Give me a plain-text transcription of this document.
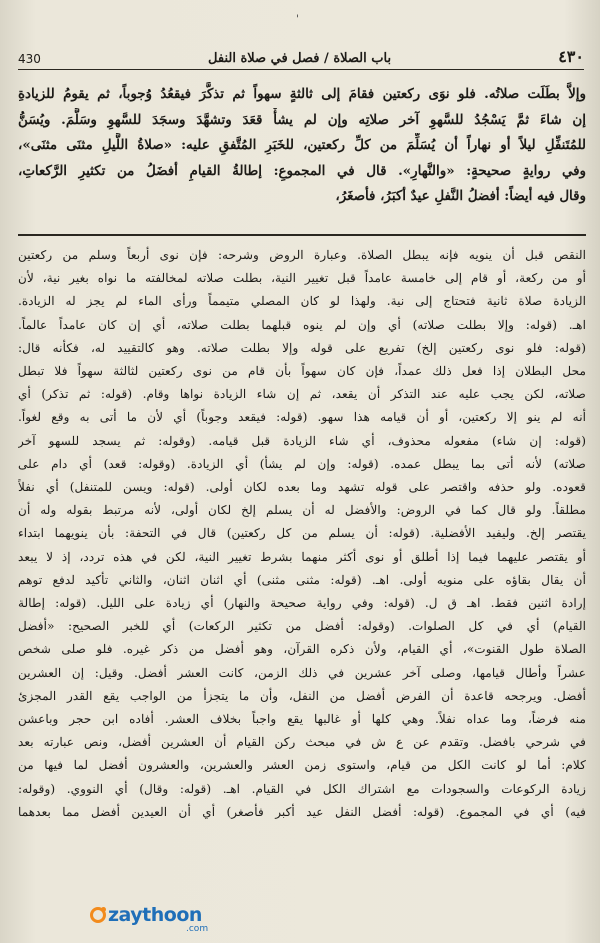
'
430	باب الصلاة / فصل في صلاة النفل	٤٣٠
وإلاَّ بطَلَت صلاتُه. فلو نوَى ركعتين فقامَ إلى ثالثةٍ سهواً ثم تذكَّرَ فيقعُدُ وُجوباً، ثم يقومُ للزيادةِ
إن شاءَ ثمَّ يَسْجُدُ للسَّهوِ آخر صلاتِه وإن لم يشأْ قعَدَ وتشهَّدَ وسجَدَ للسَّهوِ وسَلَّمَ. ويُسَنُّ
للمُتَنفِّلِ ليلاً أو نهاراً أن يُسَلِّمَ من كلِّ ركعتين، للخَبَرِ المُتَّفقِ عليه: «صلاةُ اللَّيلِ مثنَى مثنَى»،
وفي روايةٍ صحيحةٍ: «والنَّهارِ». قال في المجموعِ: إطالةُ القيامِ أفضَلُ من تكثيرِ الرَّكعاتِ،
وقال فيه أيضاً: أفضلُ النَّفلِ عيدٌ أكبَرُ، فأصغَرُ،
النقص قبل أن ينويه فإنه يبطل الصلاة. وعبارة الروض وشرحه: فإن نوى أربعاً وسلم من ركعتين
أو من ركعة، أو قام إلى خامسة عامداً قبل تغيير النية، بطلت صلاته لمخالفته ما نواه بغير نية، لأن
الزيادة صلاة ثانية فتحتاج إلى نية. ولهذا لو كان المصلي متيمماً ورأى الماء لم يجز له الزيادة.
اهـ. (قوله: وإلا بطلت صلاته) أي وإن لم ينوه قبلهما بطلت صلاته، أي إن كان عامداً عالماً.
(قوله: فلو نوى ركعتين إلخ) تفريع على قوله وإلا بطلت صلاته. وهو كالتقييد له، فكأنه قال:
محل البطلان إذا فعل ذلك عمداً، فإن كان سهواً بأن قام من نوى ركعتين لثالثة سهواً فلا تبطل
صلاته، لكن يجب عليه عند التذكر أن يقعد، ثم إن شاء الزيادة نواها وقام. (قوله: ثم تذكر) أي
أنه لم ينو إلا ركعتين، أو أن قيامه هذا سهو. (قوله: فيقعد وجوباً) أي لأن ما أتى به وقع لغواً.
(قوله: إن شاء) مفعوله محذوف، أي شاء الزيادة قبل قيامه. (وقوله: ثم يسجد للسهو آخر
صلاته) لأنه أتى بما يبطل عمده. (قوله: وإن لم يشأ) أي الزيادة. (وقوله: قعد) أي دام على
قعوده. ولو حذفه واقتصر على قوله تشهد وما بعده لكان أولى. (قوله: ويسن للمتنفل) أي نفلاً
مطلقاً. ولو قال كما في الروض: والأفضل له أن يسلم إلخ لكان أولى، لأنه مرتبط بقوله وله أن
يقتصر إلخ. وليفيد الأفضلية. (قوله: أن يسلم من كل ركعتين) قال في التحفة: بأن ينويهما ابتداء
أو يقتصر عليهما فيما إذا أطلق أو نوى أكثر منهما بشرط تغيير النية، لكن في هذه تردد، إذ لا يبعد
أن يقال بقاؤه على منويه أولى. اهـ. (قوله: مثنى مثنى) أي اثنان اثنان، والثاني تأكيد لدفع توهم
إرادة اثنين فقط. اهـ ق ل. (قوله: وفي رواية صحيحة والنهار) أي زيادة على الليل. (قوله: إطالة
القيام) أي في كل الصلوات. (وقوله: أفضل من تكثير الركعات) أي للخبر الصحيح: «أفضل
الصلاة طول القنوت»، أي القيام، ولأن ذكره القرآن، وهو أفضل من ذكر غيره. فلو صلى شخص
عشراً وأطال قيامها، وصلى آخر عشرين في ذلك الزمن، كانت العشر أفضل. وقيل: إن العشرين
أفضل. ويرجحه قاعدة أن الفرض أفضل من النفل، وأن ما يتجزأ من الواجب يقع القدر المجزئ
منه فرضاً، وما عداه نفلاً. وهي كلها أو غالبها يقع واجباً بخلاف العشر. أفاده ابن حجر وباعشن
في شرحي بافضل. وتقدم عن ع ش في مبحث ركن القيام أن العشرين أفضل، ونص عبارته بعد
كلام: أما لو كانت الكل من قيام، واستوى زمن العشر والعشرين، والعشرون أفضل لما فيها من
زيادة الركوعات والسجودات مع اشتراك الكل في القيام. اهـ. (قوله: وقال) أي النووي. (وقوله:
فيه) أي في المجموع. (قوله: أفضل النفل عيد أكبر فأصغر) أي أن العيدين أفضل مما بعدهما
zaythoon
.com
